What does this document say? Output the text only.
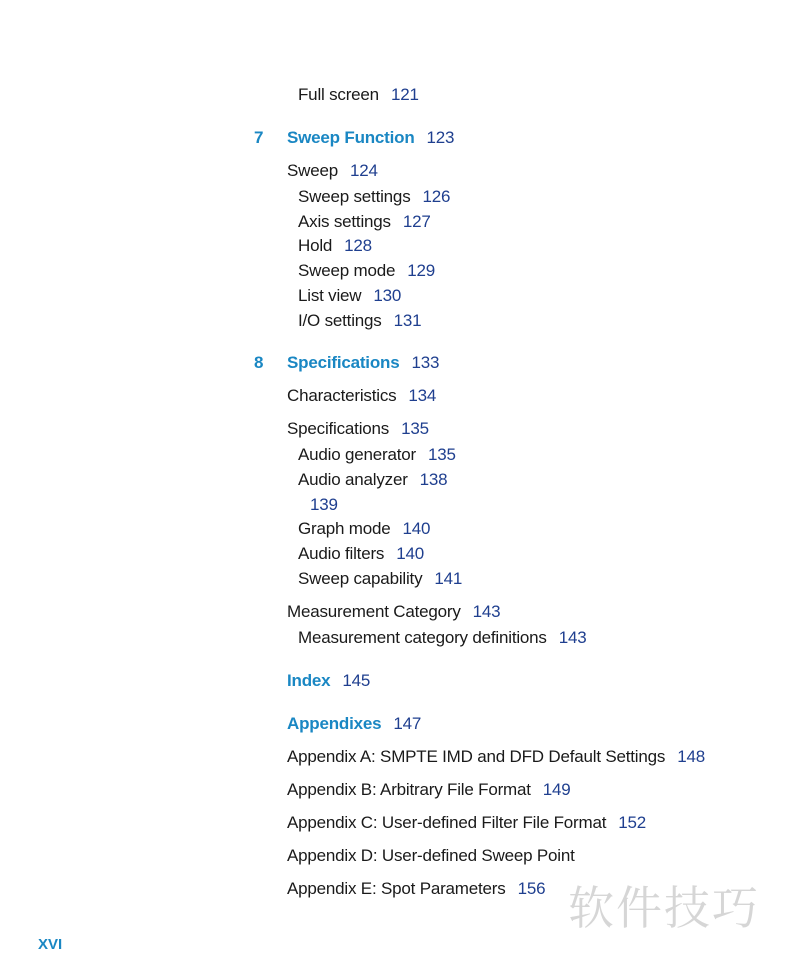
Full screen 121
7 Sweep Function 123
Sweep 124
Sweep settings 126
Axis settings 127
Hold 128
Sweep mode 129
List view 130
I/O settings 131
8 Specifications 133
Characteristics 134
Specifications 135
Audio generator 135
Audio analyzer 138
139
Graph mode 140
Audio filters 140
Sweep capability 141
Measurement Category 143
Measurement category definitions 143
Index 145
Appendixes 147
Appendix A: SMPTE IMD and DFD Default Settings 148
Appendix B: Arbitrary File Format 149
Appendix C: User-defined Filter File Format 152
Appendix D: User-defined Sweep Point
Appendix E: Spot Parameters 156 软件技巧
XVI
